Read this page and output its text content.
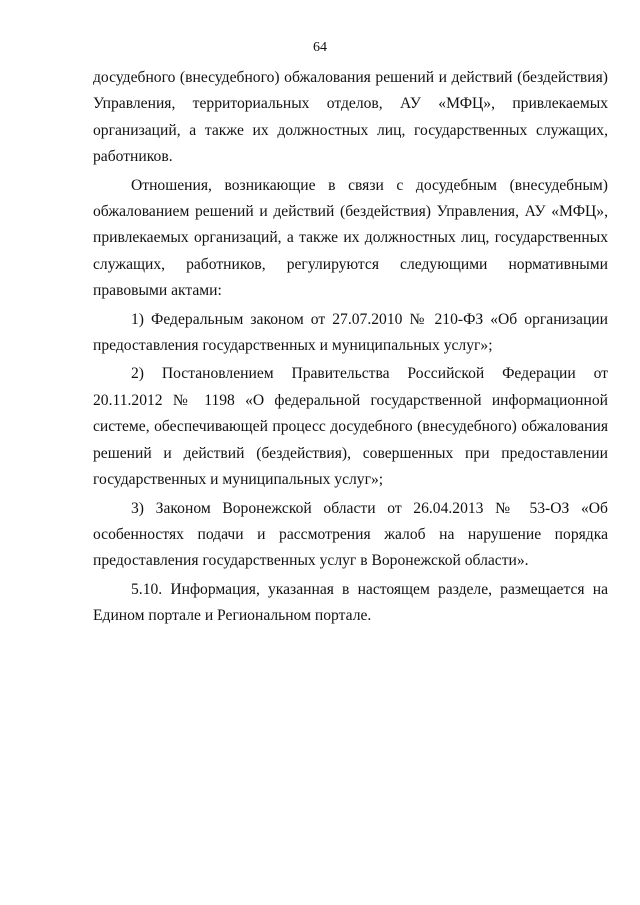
64

досудебного (внесудебного) обжалования решений и действий (бездействия) Управления, территориальных отделов, АУ «МФЦ», привлекаемых организаций, а также их должностных лиц, государственных служащих, работников.

Отношения, возникающие в связи с досудебным (внесудебным) обжалованием решений и действий (бездействия) Управления, АУ «МФЦ», привлекаемых организаций, а также их должностных лиц, государственных служащих, работников, регулируются следующими нормативными правовыми актами:

1) Федеральным законом от 27.07.2010 № 210-ФЗ «Об организации предоставления государственных и муниципальных услуг»;

2) Постановлением Правительства Российской Федерации от 20.11.2012 № 1198 «О федеральной государственной информационной системе, обеспечивающей процесс досудебного (внесудебного) обжалования решений и действий (бездействия), совершенных при предоставлении государственных и муниципальных услуг»;

3) Законом Воронежской области от 26.04.2013 № 53-ОЗ «Об особенностях подачи и рассмотрения жалоб на нарушение порядка предоставления государственных услуг в Воронежской области».

5.10. Информация, указанная в настоящем разделе, размещается на Едином портале и Региональном портале.
